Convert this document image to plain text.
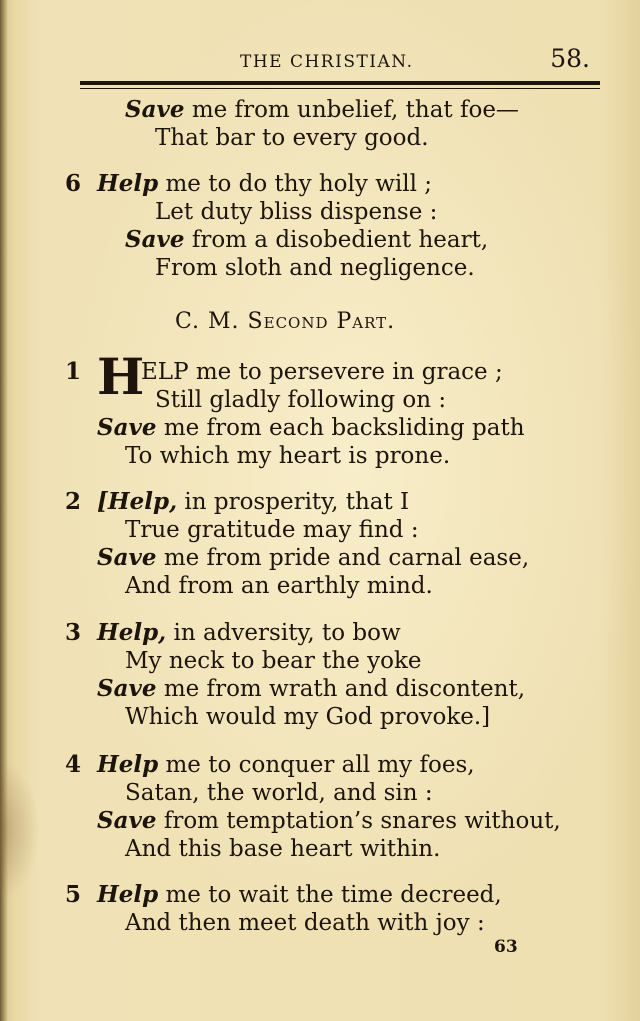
THE CHRISTIAN.	58.
Save me from unbelief, that foe—
That bar to every good.
6 Help me to do thy holy will ;
Let duty bliss dispense :
Save from a disobedient heart,
From sloth and negligence.
C. M. Second Part.
1 H
ELP me to persevere in grace ;
Still gladly following on :
Save me from each backsliding path
To which my heart is prone.
2 [Help, in prosperity, that I
True gratitude may find :
Save me from pride and carnal ease,
And from an earthly mind.
3 Help, in adversity, to bow
My neck to bear the yoke
Save me from wrath and discontent,
Which would my God provoke.]
4 Help me to conquer all my foes,
Satan, the world, and sin :
Save from temptation’s snares without,
And this base heart within.
5 Help me to wait the time decreed,
And then meet death with joy :
63
